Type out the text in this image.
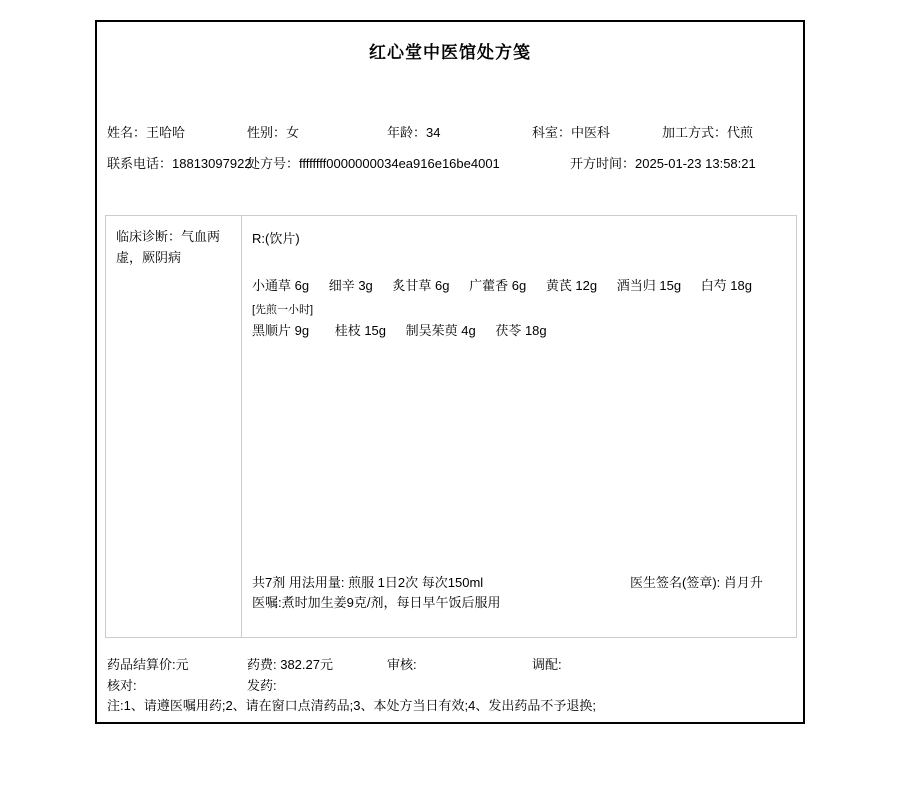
红心堂中医馆处方笺
姓名：王哈哈	性别：女	年龄：34	科室：中医科	加工方式：代煎
联系电话：18813097922
处方号：ffffffff0000000034ea916e16be4001	开方时间：2025-01-23 13:58:21
临床诊断：气血两虚，厥阴病
R:(饮片)
小通草 6g 细辛 3g 炙甘草 6g 广藿香 6g 黄芪 12g 酒当归 15g 白芍 18g
[先煎一小时]
黑顺片 9g 桂枝 15g 制吴茱萸 4g 茯苓 18g
共7剂 用法用量: 煎服 1日2次 每次150ml
医嘱:煮时加生姜9克/剂，每日早午饭后服用
医生签名(签章): 肖月升
药品结算价:元	药费: 382.27元	审核:	调配:
核对:	发药:
注:1、请遵医嘱用药;2、请在窗口点清药品;3、本处方当日有效;4、发出药品不予退换;
